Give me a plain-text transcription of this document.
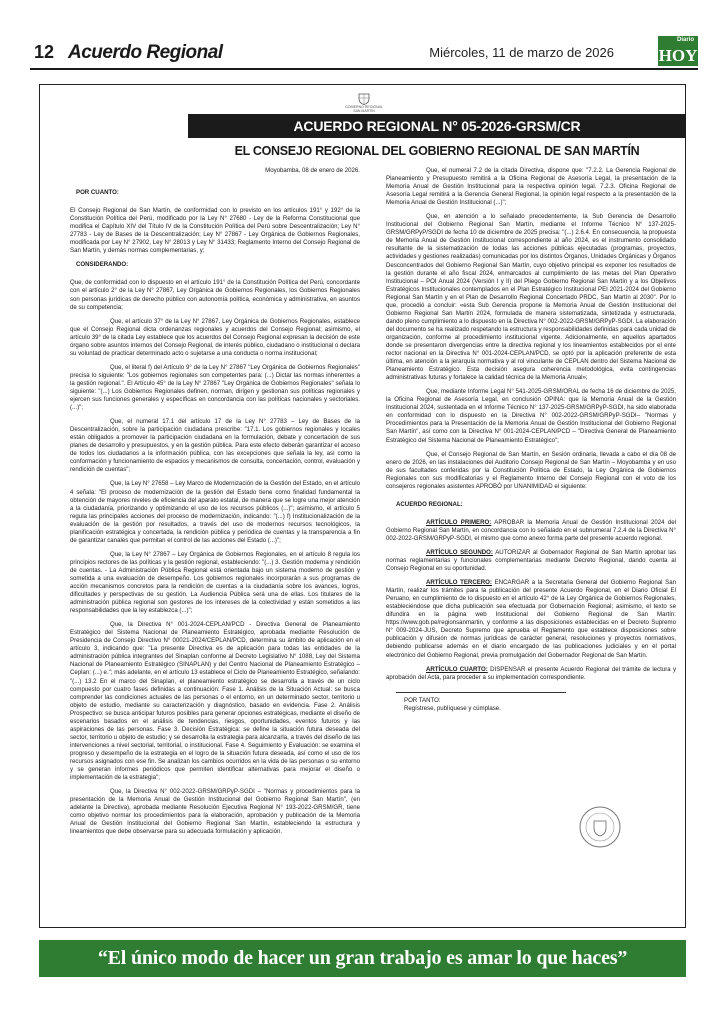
12 Acuerdo Regional	Miércoles, 11 de marzo de 2026
Diario
HOY
GOBIERNO REGIONAL
SAN MARTÍN
ACUERDO REGIONAL N° 05-2026-GRSM/CR
EL CONSEJO REGIONAL DEL GOBIERNO REGIONAL DE SAN MARTÍN

Moyobamba, 08 de enero de 2026.

POR CUANTO:

El Consejo Regional de San Martín, de conformidad con lo previsto en los artículos 191° y 192° de la Constitución Política del Perú, modificado por la Ley N° 27680 - Ley de la Reforma Constitucional que modifica el Capítulo XIV del Título IV de la Constitución Política del Perú sobre Descentralización; Ley N° 27783 - Ley de Bases de la Descentralización; Ley N° 27867 - Ley Orgánica de Gobiernos Regionales, modificada por Ley N° 27902, Ley N° 28013 y Ley N° 31433; Reglamento Interno del Consejo Regional de San Martín, y demás normas complementarias, y;

CONSIDERANDO:

Que, de conformidad con lo dispuesto en el artículo 191° de la Constitución Política del Perú, concordante con el artículo 2° de la Ley N° 27867, Ley Orgánica de Gobiernos Regionales, los Gobiernos Regionales son personas jurídicas de derecho público con autonomía política, económica y administrativa, en asuntos de su competencia;

Que, el artículo 37° de la Ley N° 27867, Ley Orgánica de Gobiernos Regionales, establece que el Consejo Regional dicta ordenanzas regionales y acuerdos del Consejo Regional; asimismo, el artículo 39° de la citada Ley establece que los acuerdos del Consejo Regional expresan la decisión de este órgano sobre asuntos internos del Consejo Regional, de interés público, ciudadano o institucional o declara su voluntad de practicar determinado acto o sujetarse a una conducta o norma institucional;

Que, el literal f) del Artículo 9° de la Ley N° 27867 "Ley Orgánica de Gobiernos Regionales" precisa lo siguiente: "Los gobiernos regionales son competentes para: (...) Dictar las normas inherentes a la gestión regional.". El Artículo 45° de la Ley N° 27867 "Ley Orgánica de Gobiernos Regionales" señala lo siguiente: "(...) Los Gobiernos Regionales definen, norman, dirigen y gestionan sus políticas regionales y ejercen sus funciones generales y específicas en concordancia con las políticas nacionales y sectoriales. (...)";

Que, el numeral 17.1 del artículo 17 de la Ley N° 27783 – Ley de Bases de la Descentralización, sobre la participación ciudadana prescribe: "17.1. Los gobiernos regionales y locales están obligados a promover la participación ciudadana en la formulación, debate y concertación de sus planes de desarrollo y presupuestos, y en la gestión pública. Para este efecto deberán garantizar el acceso de todos los ciudadanos a la información pública, con las excepciones que señala la ley, así como la conformación y funcionamiento de espacios y mecanismos de consulta, concertación, control, evaluación y rendición de cuentas";

Que, la Ley N° 27658 – Ley Marco de Modernización de la Gestión del Estado, en el artículo 4 señala: "El proceso de modernización de la gestión del Estado tiene como finalidad fundamental la obtención de mayores niveles de eficiencia del aparato estatal, de manera que se logre una mejor atención a la ciudadanía, priorizando y optimizando el uso de los recursos públicos (...)"; asimismo, el artículo 5 regula las principales acciones del proceso de modernización, indicando: "(...) f) Institucionalización de la evaluación de la gestión por resultados, a través del uso de modernos recursos tecnológicos, la planificación estratégica y concertada, la rendición pública y periódica de cuentas y la transparencia a fin de garantizar canales que permitan el control de las acciones del Estado (...)";

Que, la Ley N° 27867 – Ley Orgánica de Gobiernos Regionales, en el artículo 8 regula los principios rectores de las políticas y la gestión regional, estableciendo: "(...) 3. Gestión moderna y rendición de cuentas. - La Administración Pública Regional está orientada bajo un sistema moderno de gestión y sometida a una evaluación de desempeño. Los gobiernos regionales incorporarán a sus programas de acción mecanismos concretos para la rendición de cuentas a la ciudadanía sobre los avances, logros, dificultades y perspectivas de su gestión. La Audiencia Pública será una de ellas. Los titulares de la administración pública regional son gestores de los intereses de la colectividad y están sometidos a las responsabilidades que la ley establezca (...)";

Que, la Directiva N° 001-2024-CEPLAN/PCD - Directiva General de Planeamiento Estratégico del Sistema Nacional de Planeamiento Estratégico, aprobada mediante Resolución de Presidencia de Consejo Directivo N° 00021-2024/CEPLAN/PCD, determina su ámbito de aplicación en el artículo 3, indicando que: "La presente Directiva es de aplicación para todas las entidades de la administración pública integrantes del Sinaplan conforme al Decreto Legislativo N° 1088, Ley del Sistema Nacional de Planeamiento Estratégico (SINAPLAN) y del Centro Nacional de Planeamiento Estratégico – Ceplan: (...) e."; más adelante, en el artículo 13 establece el Ciclo de Planeamiento Estratégico, señalando: "(...) 13.2 En el marco del Sinaplan, el planeamiento estratégico se desarrolla a través de un ciclo compuesto por cuatro fases definidas a continuación: Fase 1. Análisis de la Situación Actual: se busca comprender las condiciones actuales de las personas o el entorno, en un determinado sector, territorio u objeto de estudio, mediante su caracterización y diagnóstico, basado en evidencia. Fase 2. Análisis Prospectivo: se busca anticipar futuros posibles para generar opciones estratégicas, mediante el diseño de escenarios basados en el análisis de tendencias, riesgos, oportunidades, eventos futuros y las aspiraciones de las personas. Fase 3. Decisión Estratégica: se define la situación futura deseada del sector, territorio u objeto de estudio; y se desarrolla la estrategia para alcanzarla, a través del diseño de las intervenciones a nivel sectorial, territorial, o institucional. Fase 4. Seguimiento y Evaluación: se examina el progreso y desempeño de la estrategia en el logro de la situación futura deseada, así como el uso de los recursos asignados con ese fin. Se analizan los cambios ocurridos en la vida de las personas o su entorno y se generan informes periódicos que permiten identificar alternativas para mejorar el diseño o implementación de la estrategia";

Que, la Directiva N° 002-2022-GRSM/GRPyP-SGDI – "Normas y procedimientos para la presentación de la Memoria Anual de Gestión Institucional del Gobierno Regional San Martín", (en adelante la Directiva), aprobada mediante Resolución Ejecutiva Regional N° 193-2022-GRSM/GR, tiene como objetivo normar los procedimientos para la elaboración, aprobación y publicación de la Memoria Anual de Gestión Institucional del Gobierno Regional San Martín, estableciendo la estructura y lineamientos que debe observarse para su adecuada formulación y aplicación.

Que, el numeral 7.2 de la citada Directiva, dispone que: "7.2.2. La Gerencia Regional de Planeamiento y Presupuesto remitirá a la Oficina Regional de Asesoría Legal, la presentación de la Memoria Anual de Gestión Institucional para la respectiva opinión legal. 7.2.3. Oficina Regional de Asesoría Legal remitirá a la Gerencia General Regional, la opinión legal respecto a la presentación de la Memoria Anual de Gestión Institucional (...)";

Que, en atención a lo señalado precedentemente, la Sub Gerencia de Desarrollo Institucional del Gobierno Regional San Martín, mediante el Informe Técnico N° 137-2025-GRSM/GRPyP/SGDI de fecha 10 de diciembre de 2025 precisa: "(...) 2.6.4. En consecuencia, la propuesta de Memoria Anual de Gestión Institucional correspondiente al año 2024, es el instrumento consolidado resultante de la sistematización de todas las acciones públicas ejecutadas (programas, proyectos, actividades y gestiones realizadas) comunicadas por los distintos Órganos, Unidades Orgánicas y Órganos Desconcentrados del Gobierno Regional San Martín, cuyo objetivo principal es exponer los resultados de la gestión durante el año fiscal 2024, enmarcados al cumplimiento de las metas del Plan Operativo Institucional – POI Anual 2024 (Versión I y II) del Pliego Gobierno Regional San Martín y a los Objetivos Estratégicos Institucionales contemplados en el Plan Estratégico Institucional PEI 2021-2024 del Gobierno Regional San Martín y en el Plan de Desarrollo Regional Concertado PRDC, San Martín al 2030". Por lo que, procedió a concluir: «esta Sub Gerencia propone la Memoria Anual de Gestión Institucional del Gobierno Regional San Martín 2024, formulada de manera sistematizada, sintetizada y estructurada, dando pleno cumplimiento a lo dispuesto en la Directiva N° 002-2022-GRSM/GRPyP-SGDI. La elaboración del documento se ha realizado respetando la estructura y responsabilidades definidas para cada unidad de organización, conforme al procedimiento institucional vigente. Adicionalmente, en aquellos apartados donde se presentaron divergencias entre la directiva regional y los lineamientos establecidos por el ente rector nacional en la Directiva N° 001-2024-CEPLAN/PCD, se optó por la aplicación preferente de esta última, en atención a la jerarquía normativa y al rol vinculante de CEPLAN dentro del Sistema Nacional de Planeamiento Estratégico. Esta decisión asegura coherencia metodológica, evita contingencias administrativas futuras y fortalece la calidad técnica de la Memoria Anual»;

Que, mediante Informe Legal N° 541-2025-GRSM/ORAL de fecha 16 de diciembre de 2025, la Oficina Regional de Asesoría Legal, en conclusión OPINA: que la Memoria Anual de la Gestión Institucional 2024, sustentada en el Informe Técnico N° 137-2025-GRSM/GRPyP-SGDI, ha sido elaborada en conformidad con lo dispuesto en la Directiva N° 002-2022-GRSM/GRPyP-SGDI– "Normas y Procedimientos para la Presentación de la Memoria Anual de Gestión Institucional del Gobierno Regional San Martín", así como con la Directiva N° 001-2024-CEPLAN/PCD – "Directiva General de Planeamiento Estratégico del Sistema Nacional de Planeamiento Estratégico";

Que, el Consejo Regional de San Martín, en Sesión ordinaria, llevada a cabo el día 08 de enero de 2026, en las instalaciones del Auditorio Consejo Regional de San Martín – Moyobamba y en uso de sus facultades conferidas por la Constitución Política de Estado, la Ley Orgánica de Gobiernos Regionales con sus modificatorias y el Reglamento Interno del Consejo Regional con el voto de los consejeros regionales asistentes APROBÓ por UNANIMIDAD el siguiente:

ACUERDO REGIONAL:

ARTÍCULO PRIMERO: APROBAR la Memoria Anual de Gestión Institucional 2024 del Gobierno Regional San Martín, en concordancia con lo señalado en el subnumeral 7.2.4 de la Directiva N° 002-2022-GRSM/GRPyP-SGDI, el mismo que como anexo forma parte del presente acuerdo regional.

ARTÍCULO SEGUNDO: AUTORIZAR al Gobernador Regional de San Martín aprobar las normas reglamentarias y funcionales complementarias mediante Decreto Regional, dando cuenta al Consejo Regional en su oportunidad.

ARTÍCULO TERCERO: ENCARGAR a la Secretaria General del Gobierno Regional San Martín, realizar los trámites para la publicación del presente Acuerdo Regional, en el Diario Oficial El Peruano, en cumplimiento de lo dispuesto en el artículo 42° de la Ley Orgánica de Gobiernos Regionales, estableciéndose que dicha publicación sea efectuada por Gobernación Regional; asimismo, el texto se difundirá en la página web Institucional del Gobierno Regional de San Martín: https://www.gob.pe/regionsanmartin, y conforme a las disposiciones establecidas en el Decreto Supremo N° 009-2024-JUS, Decreto Supremo que aprueba el Reglamento que establece disposiciones sobre publicación y difusión de normas jurídicas de carácter general, resoluciones y proyectos normativos, debiendo publicarse además en el diario encargado de las publicaciones judiciales y en el portal electrónico del Gobierno Regional, previa promulgación del Gobernador Regional de San Martín.

ARTÍCULO CUARTO: DISPENSAR el presente Acuerdo Regional del trámite de lectura y aprobación del Acta, para proceder a su implementación correspondiente.

POR TANTO:

Regístrese, publíquese y cúmplase.

“El único modo de hacer un gran trabajo es amar lo que haces”
